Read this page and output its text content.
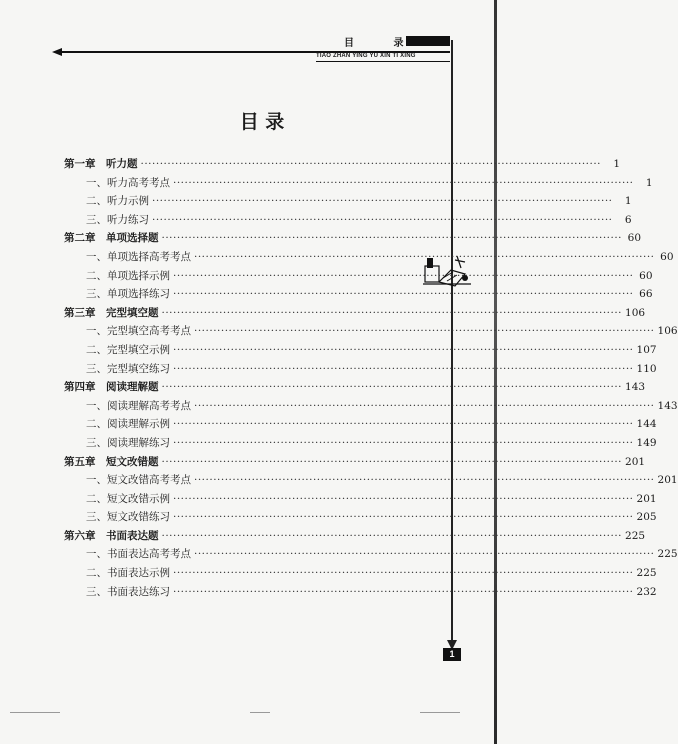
目 录
TIAO ZHAN YING YU XIN TI XING
1
目 录
第一章　听力题 ························································································································	1
一、听力高考考点 ························································································································	1
二、听力示例 ························································································································	1
三、听力练习 ························································································································	6
第二章　单项选择题 ························································································································ 60
一、单项选择高考考点 ························································································································ 60
二、单项选择示例 ························································································································ 60
三、单项选择练习 ························································································································ 66
第三章　完型填空题 ························································································································ 106
一、完型填空高考考点 ························································································································ 106
二、完型填空示例 ························································································································ 107
三、完型填空练习 ························································································································ 110
第四章　阅读理解题 ························································································································ 143
一、阅读理解高考考点 ························································································································ 143
二、阅读理解示例 ························································································································ 144
三、阅读理解练习 ························································································································ 149
第五章　短文改错题 ························································································································ 201
一、短文改错高考考点 ························································································································ 201
二、短文改错示例 ························································································································ 201
三、短文改错练习 ························································································································ 205
第六章　书面表达题 ························································································································ 225
一、书面表达高考考点 ························································································································ 225
二、书面表达示例 ························································································································ 225
三、书面表达练习 ························································································································ 232
